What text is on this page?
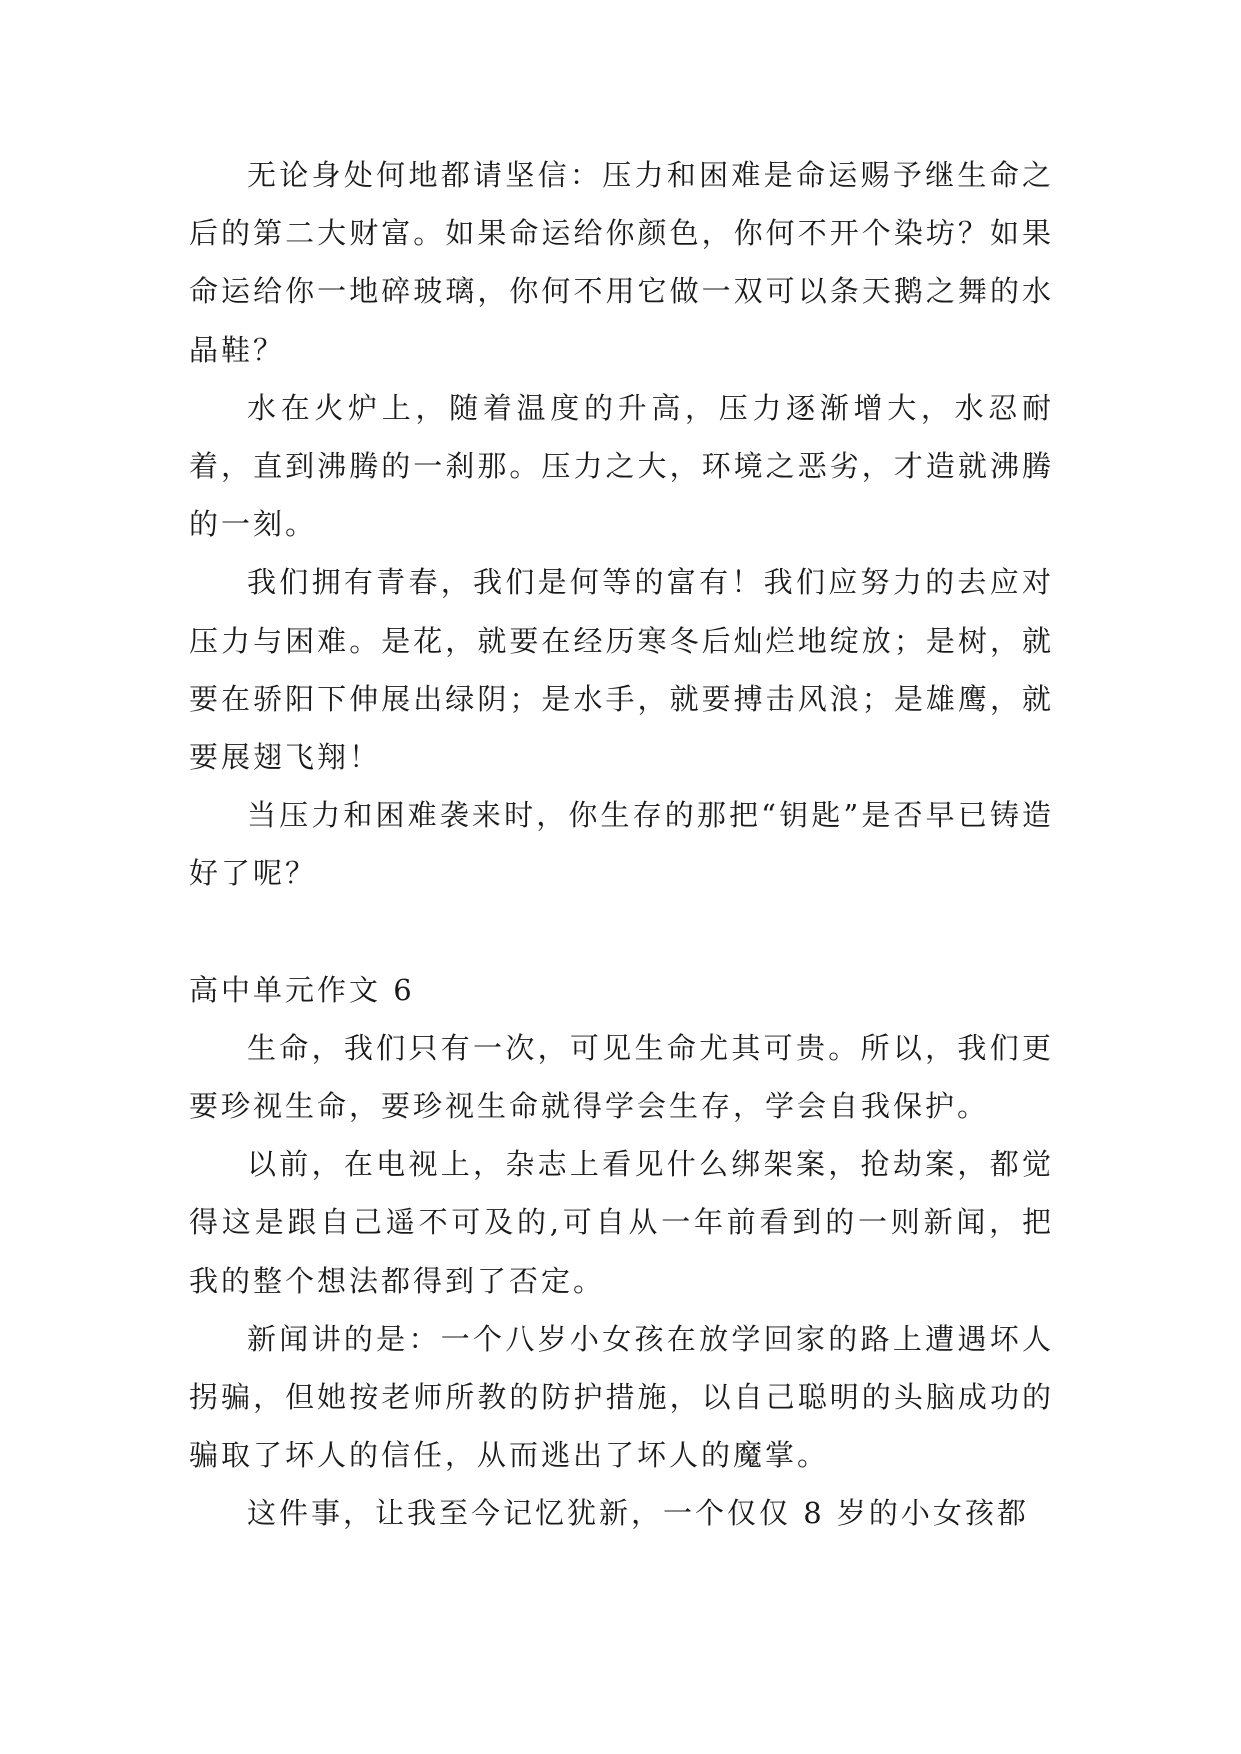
无论身处何地都请坚信：压力和困难是命运赐予继生命之后的第二大财富。如果命运给你颜色，你何不开个染坊？如果命运给你一地碎玻璃，你何不用它做一双可以条天鹅之舞的水晶鞋？

水在火炉上，随着温度的升高，压力逐渐增大，水忍耐着，直到沸腾的一刹那。压力之大，环境之恶劣，才造就沸腾的一刻。

我们拥有青春，我们是何等的富有！我们应努力的去应对压力与困难。是花，就要在经历寒冬后灿烂地绽放；是树，就要在骄阳下伸展出绿阴；是水手，就要搏击风浪；是雄鹰，就要展翅飞翔！

当压力和困难袭来时，你生存的那把“钥匙”是否早已铸造好了呢？

高中单元作文 6

生命，我们只有一次，可见生命尤其可贵。所以，我们更要珍视生命，要珍视生命就得学会生存，学会自我保护。

以前，在电视上，杂志上看见什么绑架案，抢劫案，都觉得这是跟自己遥不可及的,可自从一年前看到的一则新闻，把我的整个想法都得到了否定。

新闻讲的是：一个八岁小女孩在放学回家的路上遭遇坏人拐骗，但她按老师所教的防护措施，以自己聪明的头脑成功的骗取了坏人的信任，从而逃出了坏人的魔掌。

这件事，让我至今记忆犹新，一个仅仅 8 岁的小女孩都
